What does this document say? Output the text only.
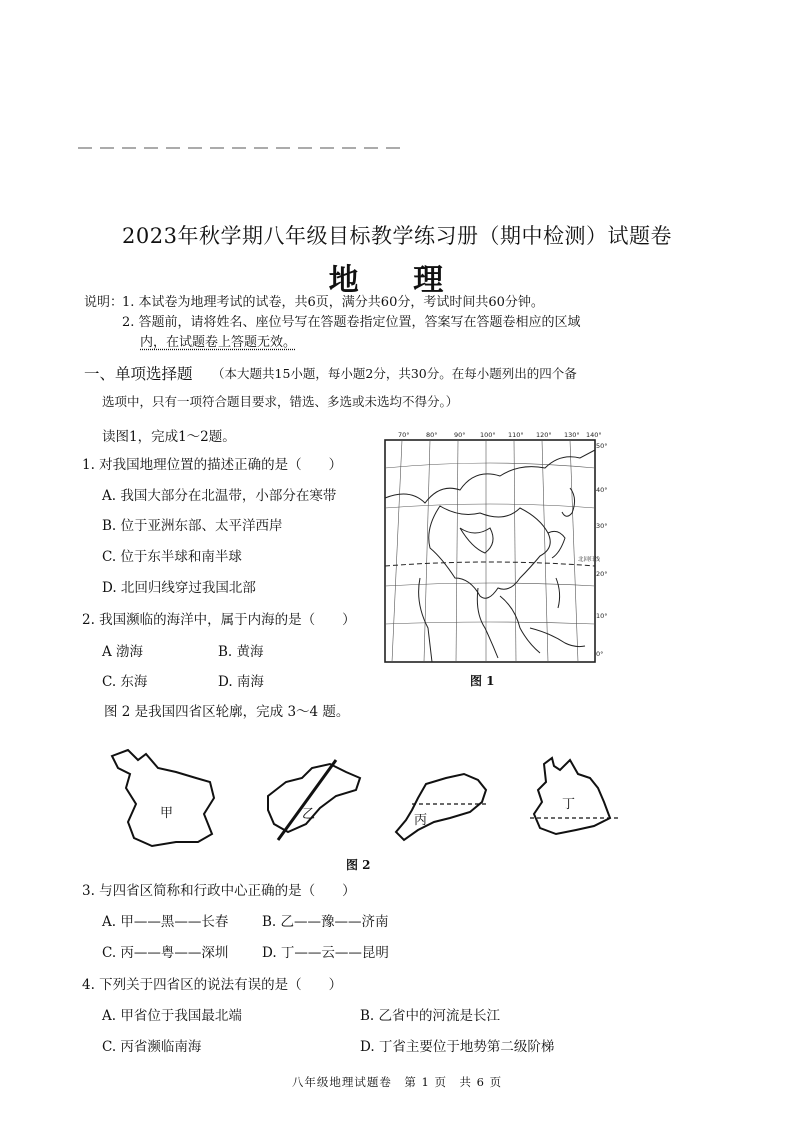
2023年秋学期八年级目标教学练习册（期中检测）试题卷
地 理
说明：
1. 本试卷为地理考试的试卷，共6页，满分共60分，考试时间共60分钟。
2. 答题前，请将姓名、座位号写在答题卷指定位置，答案写在答题卷相应的区域
内，在试题卷上答题无效。
一、单项选择题 （本大题共15小题，每小题2分，共30分。在每小题列出的四个备
选项中，只有一项符合题目要求，错选、多选或未选均不得分。）
读图1，完成1～2题。
1. 对我国地理位置的描述正确的是（　　）
A. 我国大部分在北温带，小部分在寒带
B. 位于亚洲东部、太平洋西岸
C. 位于东半球和南半球
D. 北回归线穿过我国北部
2. 我国濒临的海洋中，属于内海的是（　　）
A 渤海	B. 黄海
C. 东海	D. 南海
70°	80°	90° 100° 110° 120° 130° 140°
50°
40°
30°
20°
10°
0°
北回归线
图 1
图 2 是我国四省区轮廓，完成 3～4 题。
甲	乙	丙
丁
图 2
3. 与四省区简称和行政中心正确的是（　　）
A. 甲——黑——长春 B. 乙——豫——济南
C. 丙——粤——深圳 D. 丁——云——昆明
4. 下列关于四省区的说法有误的是（　　）
A. 甲省位于我国最北端	B. 乙省中的河流是长江
C. 丙省濒临南海	D. 丁省主要位于地势第二级阶梯
八年级地理试题卷　第 1 页　共 6 页
